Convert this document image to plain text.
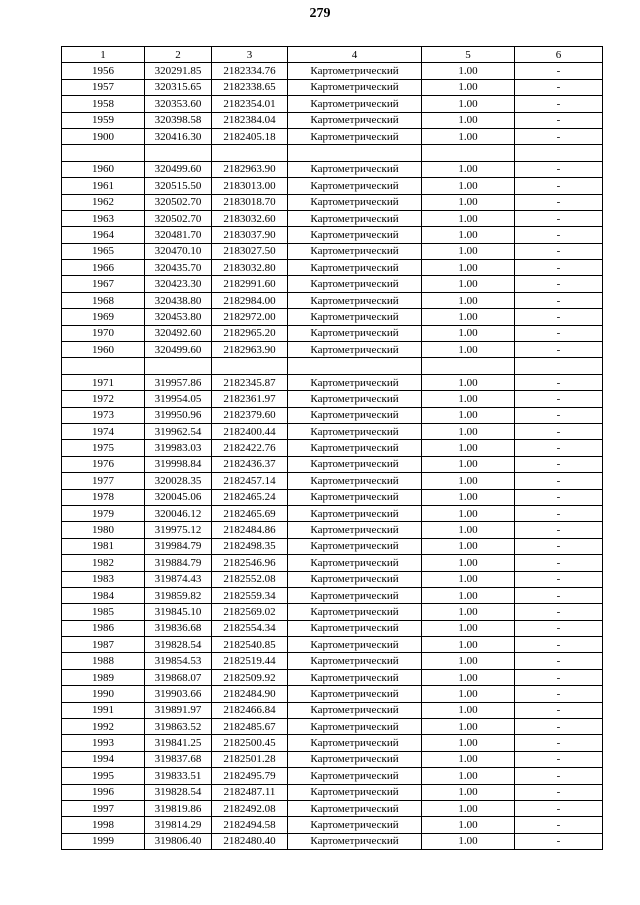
279
1	2	3	4	5	6
1956	320291.85	2182334.76	Картометрический	1.00	-
1957	320315.65	2182338.65	Картометрический	1.00	-
1958	320353.60	2182354.01	Картометрический	1.00	-
1959	320398.58	2182384.04	Картометрический	1.00	-
1900	320416.30	2182405.18	Картометрический	1.00	-

1960	320499.60	2182963.90	Картометрический	1.00	-
1961	320515.50	2183013.00	Картометрический	1.00	-
1962	320502.70	2183018.70	Картометрический	1.00	-
1963	320502.70	2183032.60	Картометрический	1.00	-
1964	320481.70	2183037.90	Картометрический	1.00	-
1965	320470.10	2183027.50	Картометрический	1.00	-
1966	320435.70	2183032.80	Картометрический	1.00	-
1967	320423.30	2182991.60	Картометрический	1.00	-
1968	320438.80	2182984.00	Картометрический	1.00	-
1969	320453.80	2182972.00	Картометрический	1.00	-
1970	320492.60	2182965.20	Картометрический	1.00	-
1960	320499.60	2182963.90	Картометрический	1.00	-

1971	319957.86	2182345.87	Картометрический	1.00	-
1972	319954.05	2182361.97	Картометрический	1.00	-
1973	319950.96	2182379.60	Картометрический	1.00	-
1974	319962.54	2182400.44	Картометрический	1.00	-
1975	319983.03	2182422.76	Картометрический	1.00	-
1976	319998.84	2182436.37	Картометрический	1.00	-
1977	320028.35	2182457.14	Картометрический	1.00	-
1978	320045.06	2182465.24	Картометрический	1.00	-
1979	320046.12	2182465.69	Картометрический	1.00	-
1980	319975.12	2182484.86	Картометрический	1.00	-
1981	319984.79	2182498.35	Картометрический	1.00	-
1982	319884.79	2182546.96	Картометрический	1.00	-
1983	319874.43	2182552.08	Картометрический	1.00	-
1984	319859.82	2182559.34	Картометрический	1.00	-
1985	319845.10	2182569.02	Картометрический	1.00	-
1986	319836.68	2182554.34	Картометрический	1.00	-
1987	319828.54	2182540.85	Картометрический	1.00	-
1988	319854.53	2182519.44	Картометрический	1.00	-
1989	319868.07	2182509.92	Картометрический	1.00	-
1990	319903.66	2182484.90	Картометрический	1.00	-
1991	319891.97	2182466.84	Картометрический	1.00	-
1992	319863.52	2182485.67	Картометрический	1.00	-
1993	319841.25	2182500.45	Картометрический	1.00	-
1994	319837.68	2182501.28	Картометрический	1.00	-
1995	319833.51	2182495.79	Картометрический	1.00	-
1996	319828.54	2182487.11	Картометрический	1.00	-
1997	319819.86	2182492.08	Картометрический	1.00	-
1998	319814.29	2182494.58	Картометрический	1.00	-
1999	319806.40	2182480.40	Картометрический	1.00	-
